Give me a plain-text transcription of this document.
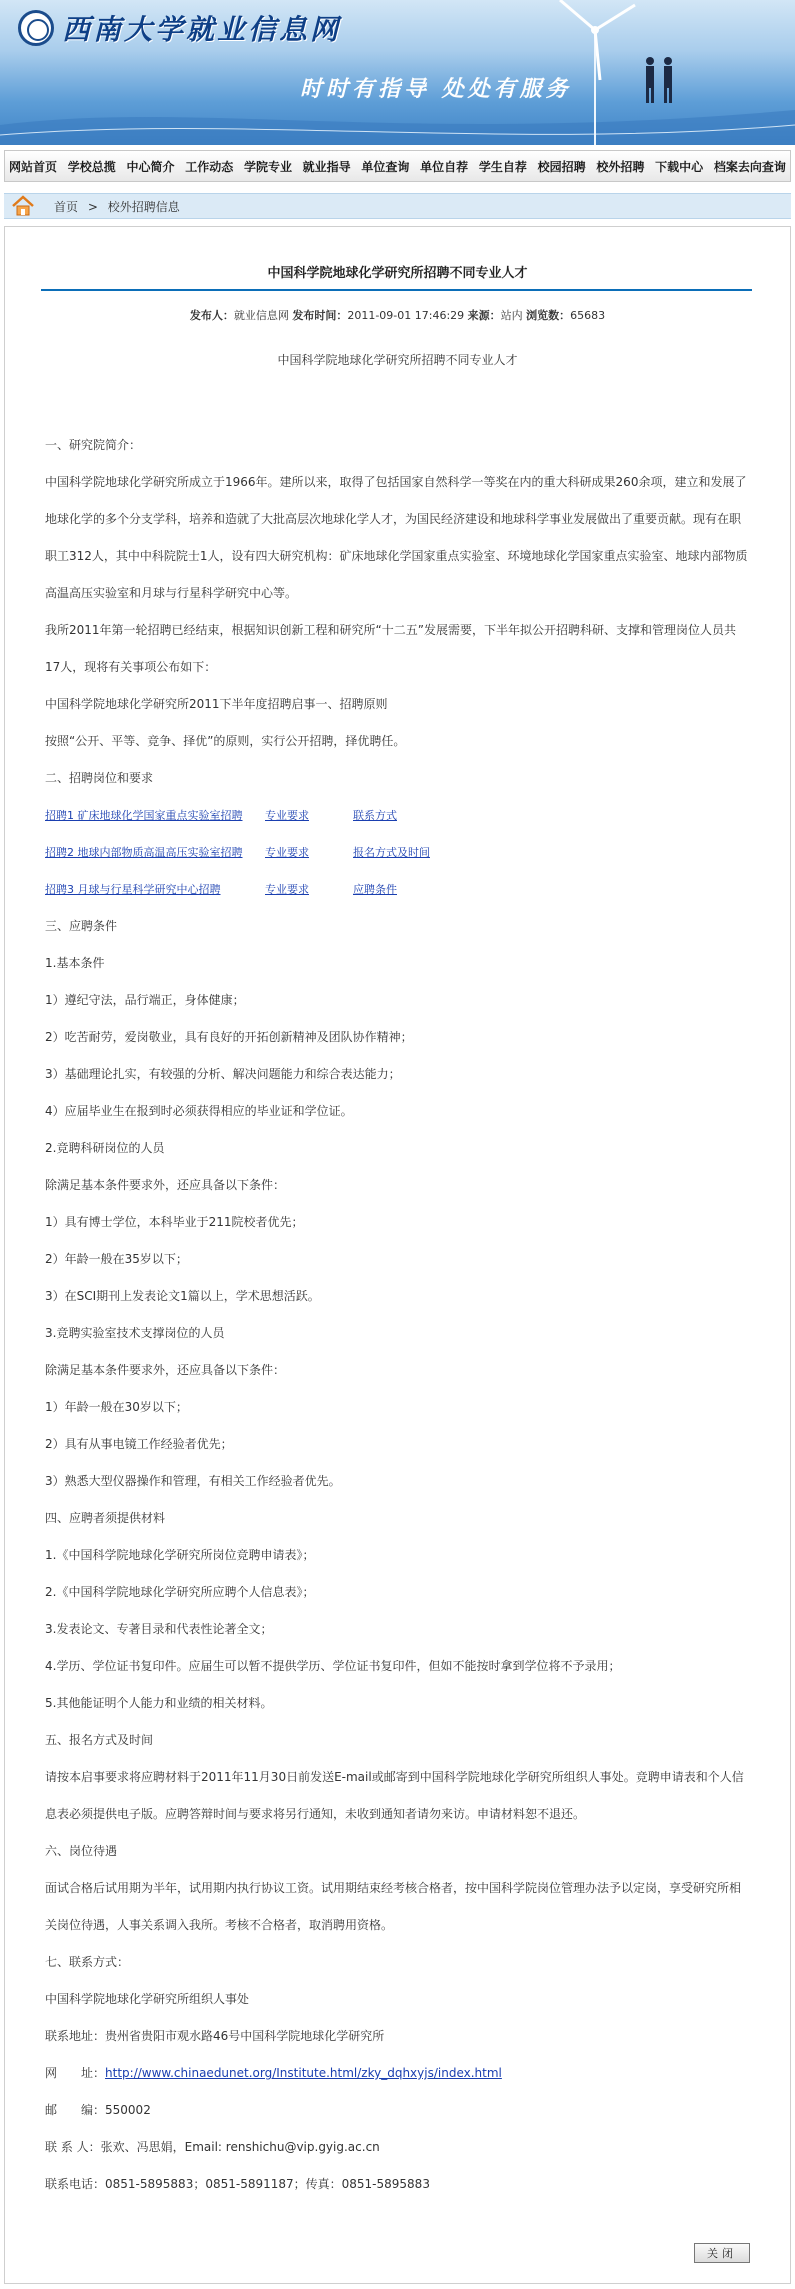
西南大学就业信息网
时时有指导 处处有服务
网站首页 学校总揽 中心简介 工作动态 学院专业 就业指导 单位查询 单位自荐 学生自荐 校园招聘 校外招聘 下载中心 档案去向查询
首页 > 校外招聘信息
中国科学院地球化学研究所招聘不同专业人才
发布人：就业信息网 发布时间：2011-09-01 17:46:29 来源：站内 浏览数：65683
中国科学院地球化学研究所招聘不同专业人才

一、研究院简介：

中国科学院地球化学研究所成立于1966年。建所以来，取得了包括国家自然科学一等奖在内的重大科研成果260余项，建立和发展了地球化学的多个分支学科，培养和造就了大批高层次地球化学人才，为国民经济建设和地球科学事业发展做出了重要贡献。现有在职职工312人，其中中科院院士1人，设有四大研究机构：矿床地球化学国家重点实验室、环境地球化学国家重点实验室、地球内部物质高温高压实验室和月球与行星科学研究中心等。

我所2011年第一轮招聘已经结束，根据知识创新工程和研究所“十二五”发展需要，下半年拟公开招聘科研、支撑和管理岗位人员共17人，现将有关事项公布如下：

中国科学院地球化学研究所2011下半年度招聘启事一、招聘原则

按照“公开、平等、竞争、择优”的原则，实行公开招聘，择优聘任。

二、招聘岗位和要求

招聘1 矿床地球化学国家重点实验室招聘	专业要求	联系方式
招聘2 地球内部物质高温高压实验室招聘	专业要求	报名方式及时间
招聘3 月球与行星科学研究中心招聘	专业要求	应聘条件

三、应聘条件

1.基本条件

1）遵纪守法，品行端正，身体健康；

2）吃苦耐劳，爱岗敬业，具有良好的开拓创新精神及团队协作精神；

3）基础理论扎实，有较强的分析、解决问题能力和综合表达能力；

4）应届毕业生在报到时必须获得相应的毕业证和学位证。

2.竞聘科研岗位的人员

除满足基本条件要求外，还应具备以下条件：

1）具有博士学位，本科毕业于211院校者优先；

2）年龄一般在35岁以下；

3）在SCI期刊上发表论文1篇以上，学术思想活跃。

3.竞聘实验室技术支撑岗位的人员

除满足基本条件要求外，还应具备以下条件：

1）年龄一般在30岁以下；

2）具有从事电镜工作经验者优先；

3）熟悉大型仪器操作和管理，有相关工作经验者优先。

四、应聘者须提供材料

1.《中国科学院地球化学研究所岗位竞聘申请表》；

2.《中国科学院地球化学研究所应聘个人信息表》；

3.发表论文、专著目录和代表性论著全文；

4.学历、学位证书复印件。应届生可以暂不提供学历、学位证书复印件，但如不能按时拿到学位将不予录用；

5.其他能证明个人能力和业绩的相关材料。

五、报名方式及时间

请按本启事要求将应聘材料于2011年11月30日前发送E-mail或邮寄到中国科学院地球化学研究所组织人事处。竞聘申请表和个人信息表必须提供电子版。应聘答辩时间与要求将另行通知，未收到通知者请勿来访。申请材料恕不退还。

六、岗位待遇

面试合格后试用期为半年，试用期内执行协议工资。试用期结束经考核合格者，按中国科学院岗位管理办法予以定岗，享受研究所相关岗位待遇，人事关系调入我所。考核不合格者，取消聘用资格。

七、联系方式：

中国科学院地球化学研究所组织人事处

联系地址：贵州省贵阳市观水路46号中国科学院地球化学研究所

网　　址：http://www.chinaedunet.org/Institute.html/zky_dqhxyjs/index.html

邮　　编：550002

联 系 人：张欢、冯思娟，Email: renshichu@vip.gyig.ac.cn

联系电话：0851-5895883；0851-5891187；传真：0851-5895883

关闭
